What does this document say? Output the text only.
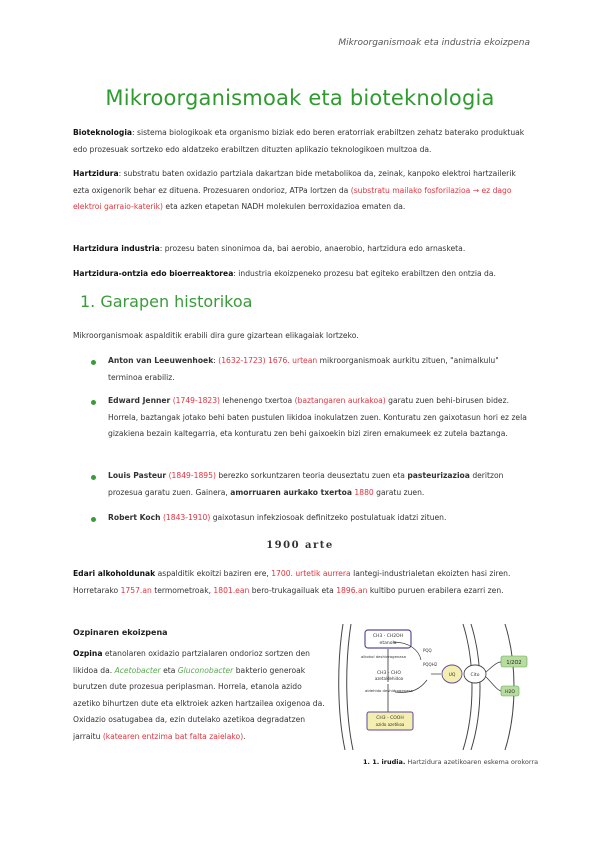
Mikroorganismoak eta industria ekoizpena
Mikroorganismoak eta bioteknologia
Bioteknologia: sistema biologikoak eta organismo biziak edo beren eratorriak erabiltzen zehatz baterako produktuak edo prozesuak sortzeko edo aldatzeko erabiltzen dituzten aplikazio teknologikoen multzoa da.
Hartzidura: substratu baten oxidazio partziala dakartzan bide metabolikoa da, zeinak, kanpoko elektroi hartzailerik ezta oxigenorik behar ez dituena. Prozesuaren ondorioz, ATPa lortzen da (substratu mailako fosforilazioa → ez dago elektroi garraio-katerik) eta azken etapetan NADH molekulen berroxidazioa ematen da.
Hartzidura industria: prozesu baten sinonimoa da, bai aerobio, anaerobio, hartzidura edo arnasketa.
Hartzidura-ontzia edo bioerreaktorea: industria ekoizpeneko prozesu bat egiteko erabiltzen den ontzia da.
1. Garapen historikoa
Mikroorganismoak aspalditik erabili dira gure gizartean elikagaiak lortzeko.
Anton van Leeuwenhoek: (1632-1723) 1676. urtean mikroorganismoak aurkitu zituen, "animalkulu" terminoa erabiliz.
Edward Jenner (1749-1823) lehenengo txertoa (baztangaren aurkakoa) garatu zuen behi-birusen bidez. Horrela, baztangak jotako behi baten pustulen likidoa inokulatzen zuen. Konturatu zen gaixotasun hori ez zela gizakiena bezain kaltegarria, eta konturatu zen behi gaixoekin bizi ziren emakumeek ez zutela baztanga.
Louis Pasteur (1849-1895) berezko sorkuntzaren teoria deuseztatu zuen eta pasteurizazioa deritzon prozesua garatu zuen. Gainera, amorruaren aurkako txertoa 1880 garatu zuen.
Robert Koch (1843-1910) gaixotasun infekziosoak definitzeko postulatuak idatzi zituen.
1900 arte
Edari alkoholdunak aspalditik ekoitzi baziren ere, 1700. urtetik aurrera lantegi-industrialetan ekoizten hasi ziren. Horretarako 1757.an termometroak, 1801.ean bero-trukagailuak eta 1896.an kultibo puruen erabilera ezarri zen.
Ozpinaren ekoizpena
Ozpina etanolaren oxidazio partzialaren ondorioz sortzen den likidoa da. Acetobacter eta Gluconobacter bakterio generoak burutzen dute prozesua periplasman. Horrela, etanola azido azetiko bihurtzen dute eta elktroiek azken hartzailea oxigenoa da. Oxidazio osatugabea da, ezin dutelako azetikoa degradatzen jarraitu (katearen entzima bat falta zaielako).
CH3 - CH2OH
etanola
alkohol deshidrogenasa
CH3 - CHO
azetaldehidoa
PQQ
PQQH2
aldehido deshidrogenasa
CH3 - COOH
azido azetikoa
UQ	Cito
1/2O2
H2O
1. 1. irudia. Hartzidura azetikoaren eskema orokorra
